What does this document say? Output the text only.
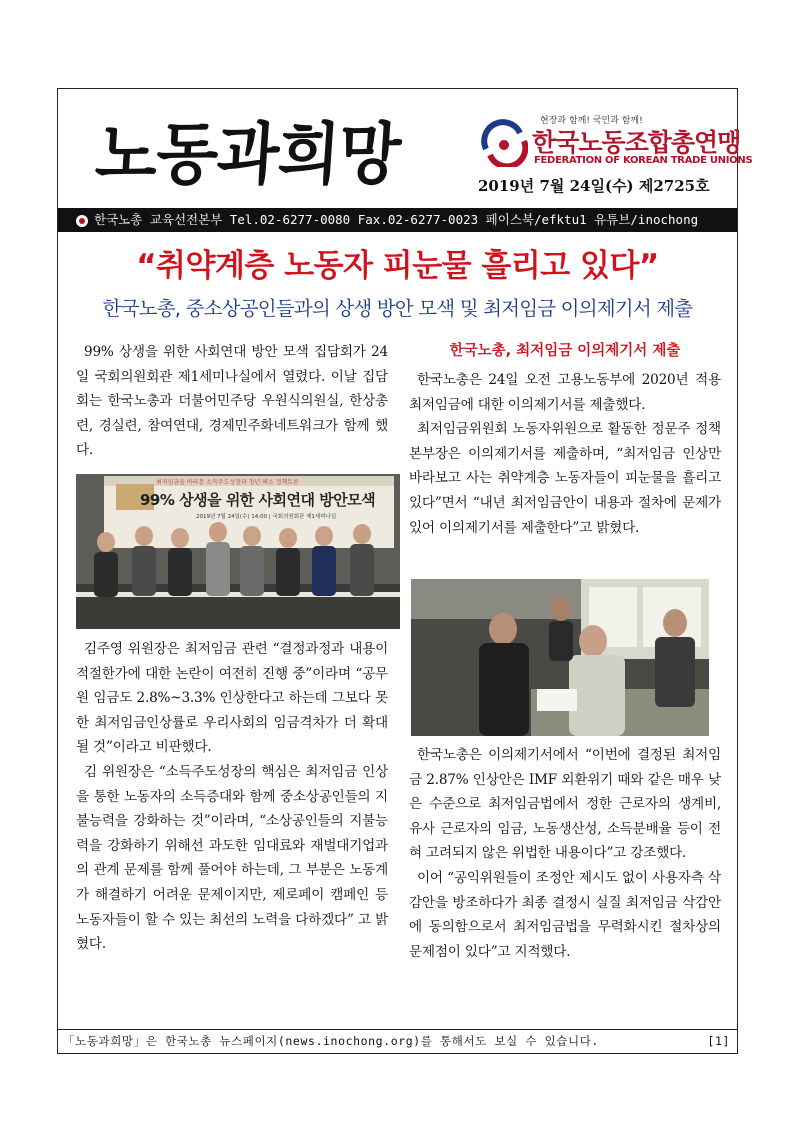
노동과희망	현장과 함께! 국민과 함께!
한국노동조합총연맹
FEDERATION OF KOREAN TRADE UNIONS
2019년 7월 24일(수) 제2725호
한국노총 교육선전본부 Tel.02-6277-0080 Fax.02-6277-0023 페이스북/efktu1 유튜브/inochong
“취약계층 노동자 피눈물 흘리고 있다”
한국노총, 중소상공인들과의 상생 방안 모색 및 최저임금 이의제기서 제출

99% 상생을 위한 사회연대 방안 모색 집담회가 24일 국회의원회관 제1세미나실에서 열렸다. 이날 집담회는 한국노총과 더불어민주당 우원식의원실, 한상총련, 경실련, 참여연대, 경제민주화네트워크가 함께 했다.

최저임금을 바라본 소득주도성장과 청년 해소 정책토론
99% 상생을 위한 사회연대 방안모색
2019년 7월 24일(수) 14:00 | 국회의원회관 제1세미나실

김주영 위원장은 최저임금 관련 “결정과정과 내용이 적절한가에 대한 논란이 여전히 진행 중”이라며 “공무원 임금도 2.8%~3.3% 인상한다고 하는데 그보다 못한 최저임금인상률로 우리사회의 임금격차가 더 확대될 것”이라고 비판했다.

김 위원장은 “소득주도성장의 핵심은 최저임금 인상을 통한 노동자의 소득증대와 함께 중소상공인들의 지불능력을 강화하는 것”이라며, “소상공인들의 지불능력을 강화하기 위해선 과도한 임대료와 재벌대기업과의 관계 문제를 함께 풀어야 하는데, 그 부분은 노동계가 해결하기 어려운 문제이지만, 제로페이 캠페인 등 노동자들이 할 수 있는 최선의 노력을 다하겠다” 고 밝혔다.

한국노총, 최저임금 이의제기서 제출

한국노총은 24일 오전 고용노동부에 2020년 적용 최저임금에 대한 이의제기서를 제출했다.

최저임금위원회 노동자위원으로 활동한 정문주 정책본부장은 이의제기서를 제출하며, “최저임금 인상만 바라보고 사는 취약계층 노동자들이 피눈물을 흘리고 있다”면서 “내년 최저임금안이 내용과 절차에 문제가 있어 이의제기서를 제출한다”고 밝혔다.

한국노총은 이의제기서에서 “이번에 결정된 최저임금 2.87% 인상안은 IMF 외환위기 때와 같은 매우 낮은 수준으로 최저임금법에서 정한 근로자의 생계비, 유사 근로자의 임금, 노동생산성, 소득분배율 등이 전혀 고려되지 않은 위법한 내용이다”고 강조했다.

이어 “공익위원들이 조정안 제시도 없이 사용자측 삭감안을 방조하다가 최종 결정시 실질 최저임금 삭감안에 동의함으로서 최저임금법을 무력화시킨 절차상의 문제점이 있다”고 지적했다.

「노동과희망」은 한국노총 뉴스페이지(news.inochong.org)를 통해서도 보실 수 있습니다.	[1]
